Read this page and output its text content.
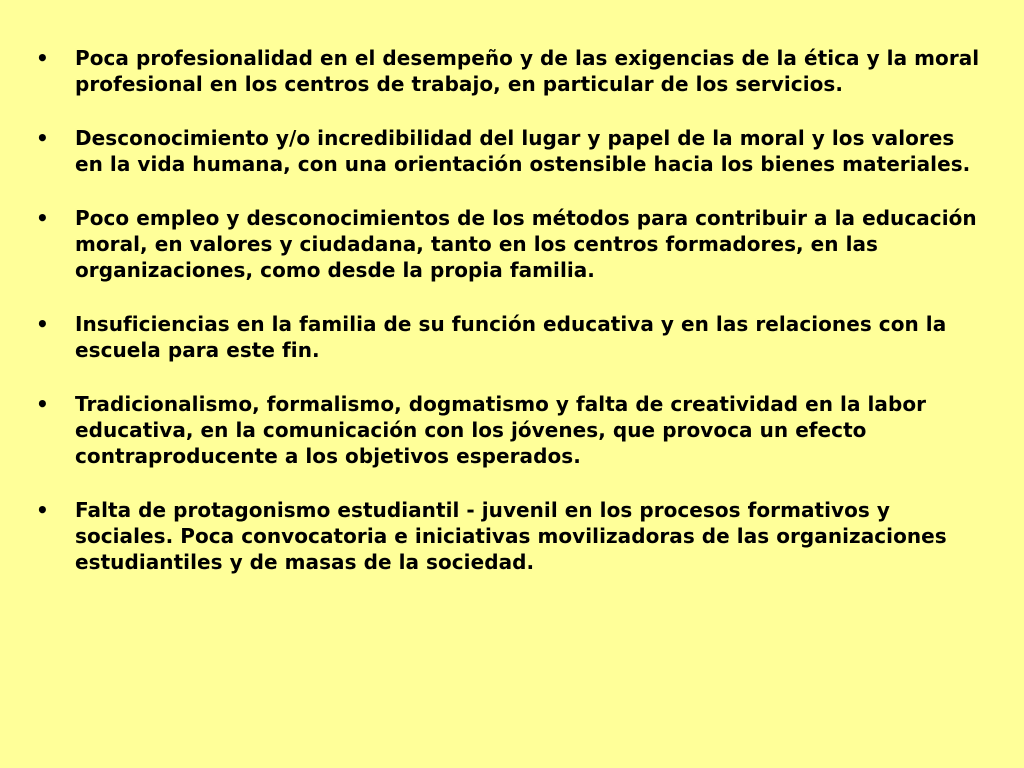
•	Poca profesionalidad en el desempeño y de las exigencias de la ética y la moral profesional en los centros de trabajo, en particular de los servicios.
•	Desconocimiento y/o incredibilidad del lugar y papel de la moral y los valores en la vida humana, con una orientación ostensible hacia los bienes materiales.
•	Poco empleo y desconocimientos de los métodos para contribuir a la educación moral, en valores y ciudadana, tanto en los centros formadores, en las organizaciones, como desde la propia familia.
•	Insuficiencias en la familia de su función educativa y en las relaciones con la escuela para este fin.
•	Tradicionalismo, formalismo, dogmatismo y falta de creatividad en la labor educativa, en la comunicación con los jóvenes, que provoca un efecto contraproducente a los objetivos esperados.
•	Falta de protagonismo estudiantil - juvenil en los procesos formativos y sociales. Poca convocatoria e iniciativas movilizadoras de las organizaciones estudiantiles y de masas de la sociedad.
